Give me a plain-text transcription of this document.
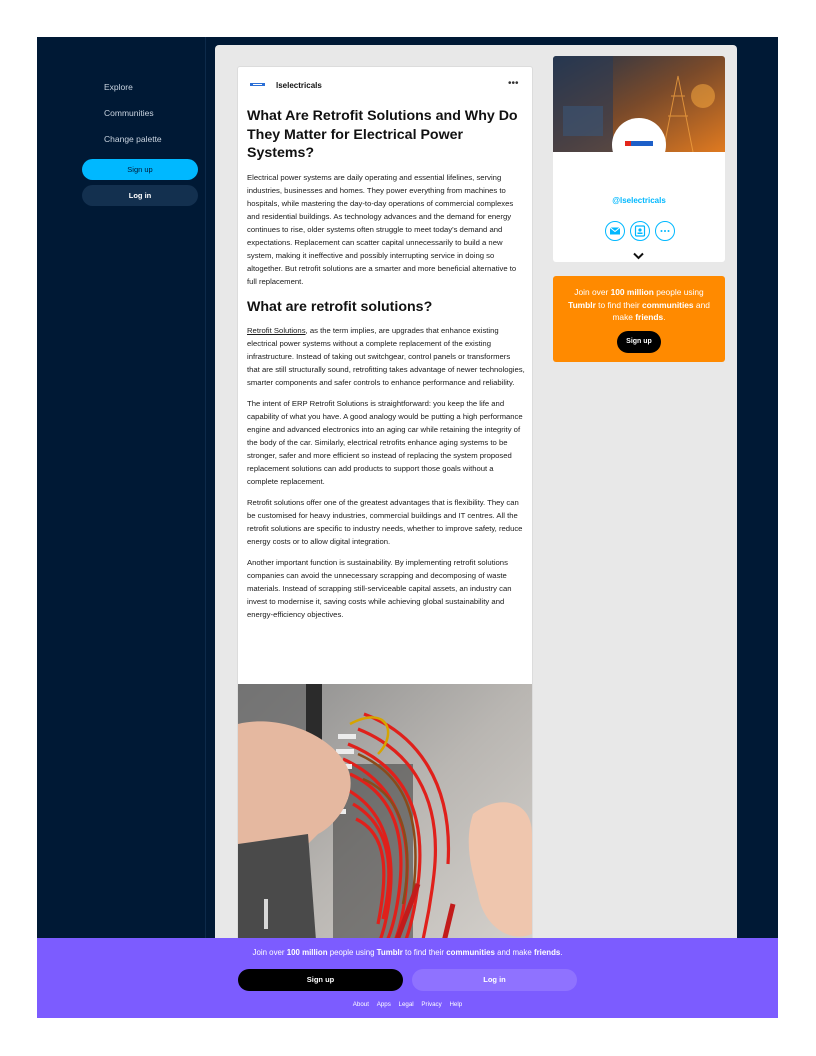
Explore
Communities
Change palette
Sign up
Log in
lselectricals	•••
What Are Retrofit Solutions and Why Do They Matter for Electrical Power Systems?

Electrical power systems are daily operating and essential lifelines, serving industries, businesses and homes. They power everything from machines to hospitals, while mastering the day-to-day operations of commercial complexes and residential buildings. As technology advances and the demand for energy continues to rise, older systems often struggle to meet today's demand and expectations. Replacement can scatter capital unnecessarily to build a new system, making it ineffective and possibly interrupting service in doing so altogether. But retrofit solutions are a smarter and more beneficial alternative to full replacement.

What are retrofit solutions?

Retrofit Solutions, as the term implies, are upgrades that enhance existing electrical power systems without a complete replacement of the existing infrastructure. Instead of taking out switchgear, control panels or transformers that are still structurally sound, retrofitting takes advantage of newer technologies, smarter components and safer controls to enhance performance and reliability.

The intent of ERP Retrofit Solutions is straightforward: you keep the life and capability of what you have. A good analogy would be putting a high performance engine and advanced electronics into an aging car while retaining the integrity of the body of the car. Similarly, electrical retrofits enhance aging systems to be stronger, safer and more efficient so instead of replacing the system proposed replacement solutions can add products to support those goals without a complete replacement.

Retrofit solutions offer one of the greatest advantages that is flexibility. They can be customised for heavy industries, commercial buildings and IT centres. All the retrofit solutions are specific to industry needs, whether to improve safety, reduce energy costs or to allow digital integration.

Another important function is sustainability. By implementing retrofit solutions companies can avoid the unnecessary scrapping and decomposing of waste materials. Instead of scrapping still-serviceable capital assets, an industry can invest to modernise it, saving costs while achieving global sustainability and energy-efficiency objectives.

@lselectricals
Join over 100 million people using Tumblr to find their communities and make friends.
Sign up
Join over 100 million people using Tumblr to find their communities and make friends.
Sign up	Log in
About Apps Legal Privacy Help
